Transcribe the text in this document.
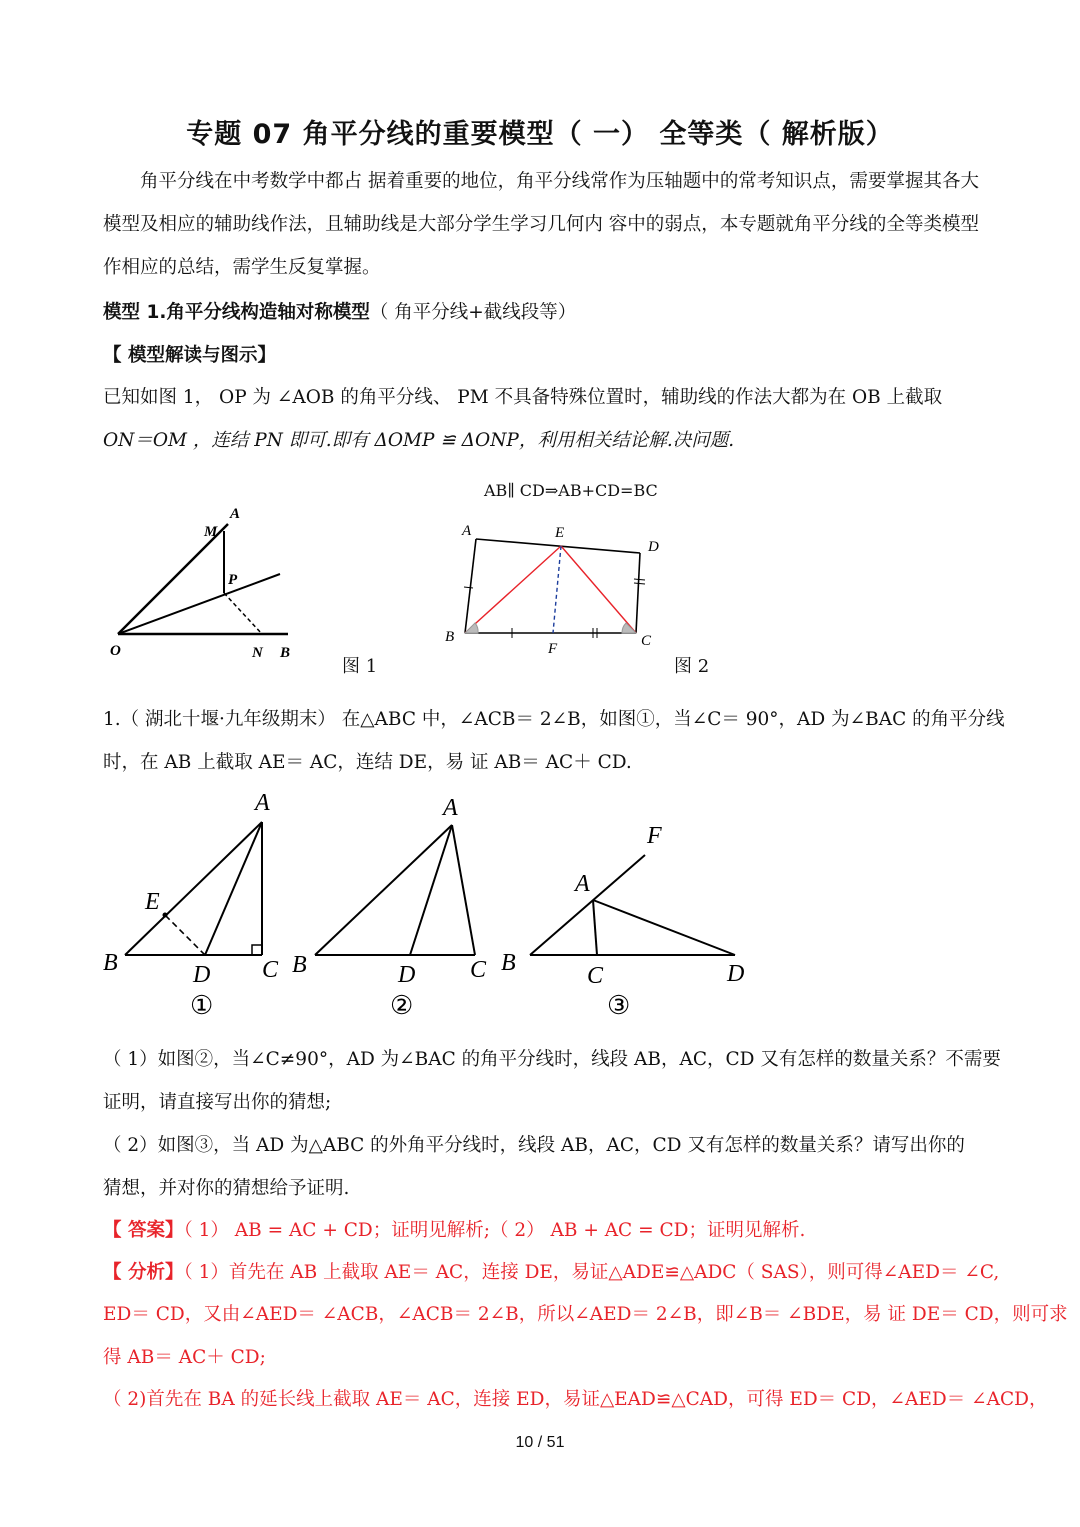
专题 07 角平分线的重要模型（ 一） 全等类（ 解析版）
角平分线在中考数学中都占 据着重要的地位，角平分线常作为压轴题中的常考知识点，需要掌握其各大模型及相应的辅助线作法，且辅助线是大部分学生学习几何内 容中的弱点，本专题就角平分线的全等类模型作相应的总结，需学生反复掌握。
模型 1.角平分线构造轴对称模型（ 角平分线+截线段等）
【 模型解读与图示】
已知如图 1， OP 为 ∠AOB 的角平分线、 PM 不具备特殊位置时，辅助线的作法大都为在 OB 上截取
ON＝OM ，连结 PN 即可.即有 ΔOMP ≌ ΔONP，利用相关结论解.决问题.
AB∥ CD⇒AB+CD=BC
M
A
P
O	N B
图 1
A	E
D
B
F	C
图 2
1.（ 湖北十堰·九年级期末） 在△ABC 中，∠ACB＝ 2∠B，如图①，当∠C＝ 90°，AD 为∠BAC 的角平分线
时，在 AB 上截取 AE＝ AC，连结 DE，易 证 AB＝ AC＋ CD.
A
E
B	D C
①
A
B	D C
②
F
A
B	C	D
③
（ 1）如图②，当∠C≠90°，AD 为∠BAC 的角平分线时，线段 AB，AC，CD 又有怎样的数量关系？不需要
证明，请直接写出你的猜想;
（ 2）如图③，当 AD 为△ABC 的外角平分线时，线段 AB，AC，CD 又有怎样的数量关系？请写出你的
猜想，并对你的猜想给予证明.
【 答案】（ 1） AB = AC + CD；证明见解析;（ 2） AB + AC = CD；证明见解析.
【 分析】（ 1）首先在 AB 上截取 AE＝ AC，连接 DE，易证△ADE≌△ADC（ SAS），则可得∠AED＝ ∠C,
ED＝ CD，又由∠AED＝ ∠ACB，∠ACB＝ 2∠B，所以∠AED＝ 2∠B，即∠B＝ ∠BDE，易 证 DE＝ CD，则可求
得 AB＝ AC＋ CD;
（ 2)首先在 BA 的延长线上截取 AE＝ AC，连接 ED，易证△EAD≌△CAD，可得 ED＝ CD，∠AED＝ ∠ACD，
10 / 51
